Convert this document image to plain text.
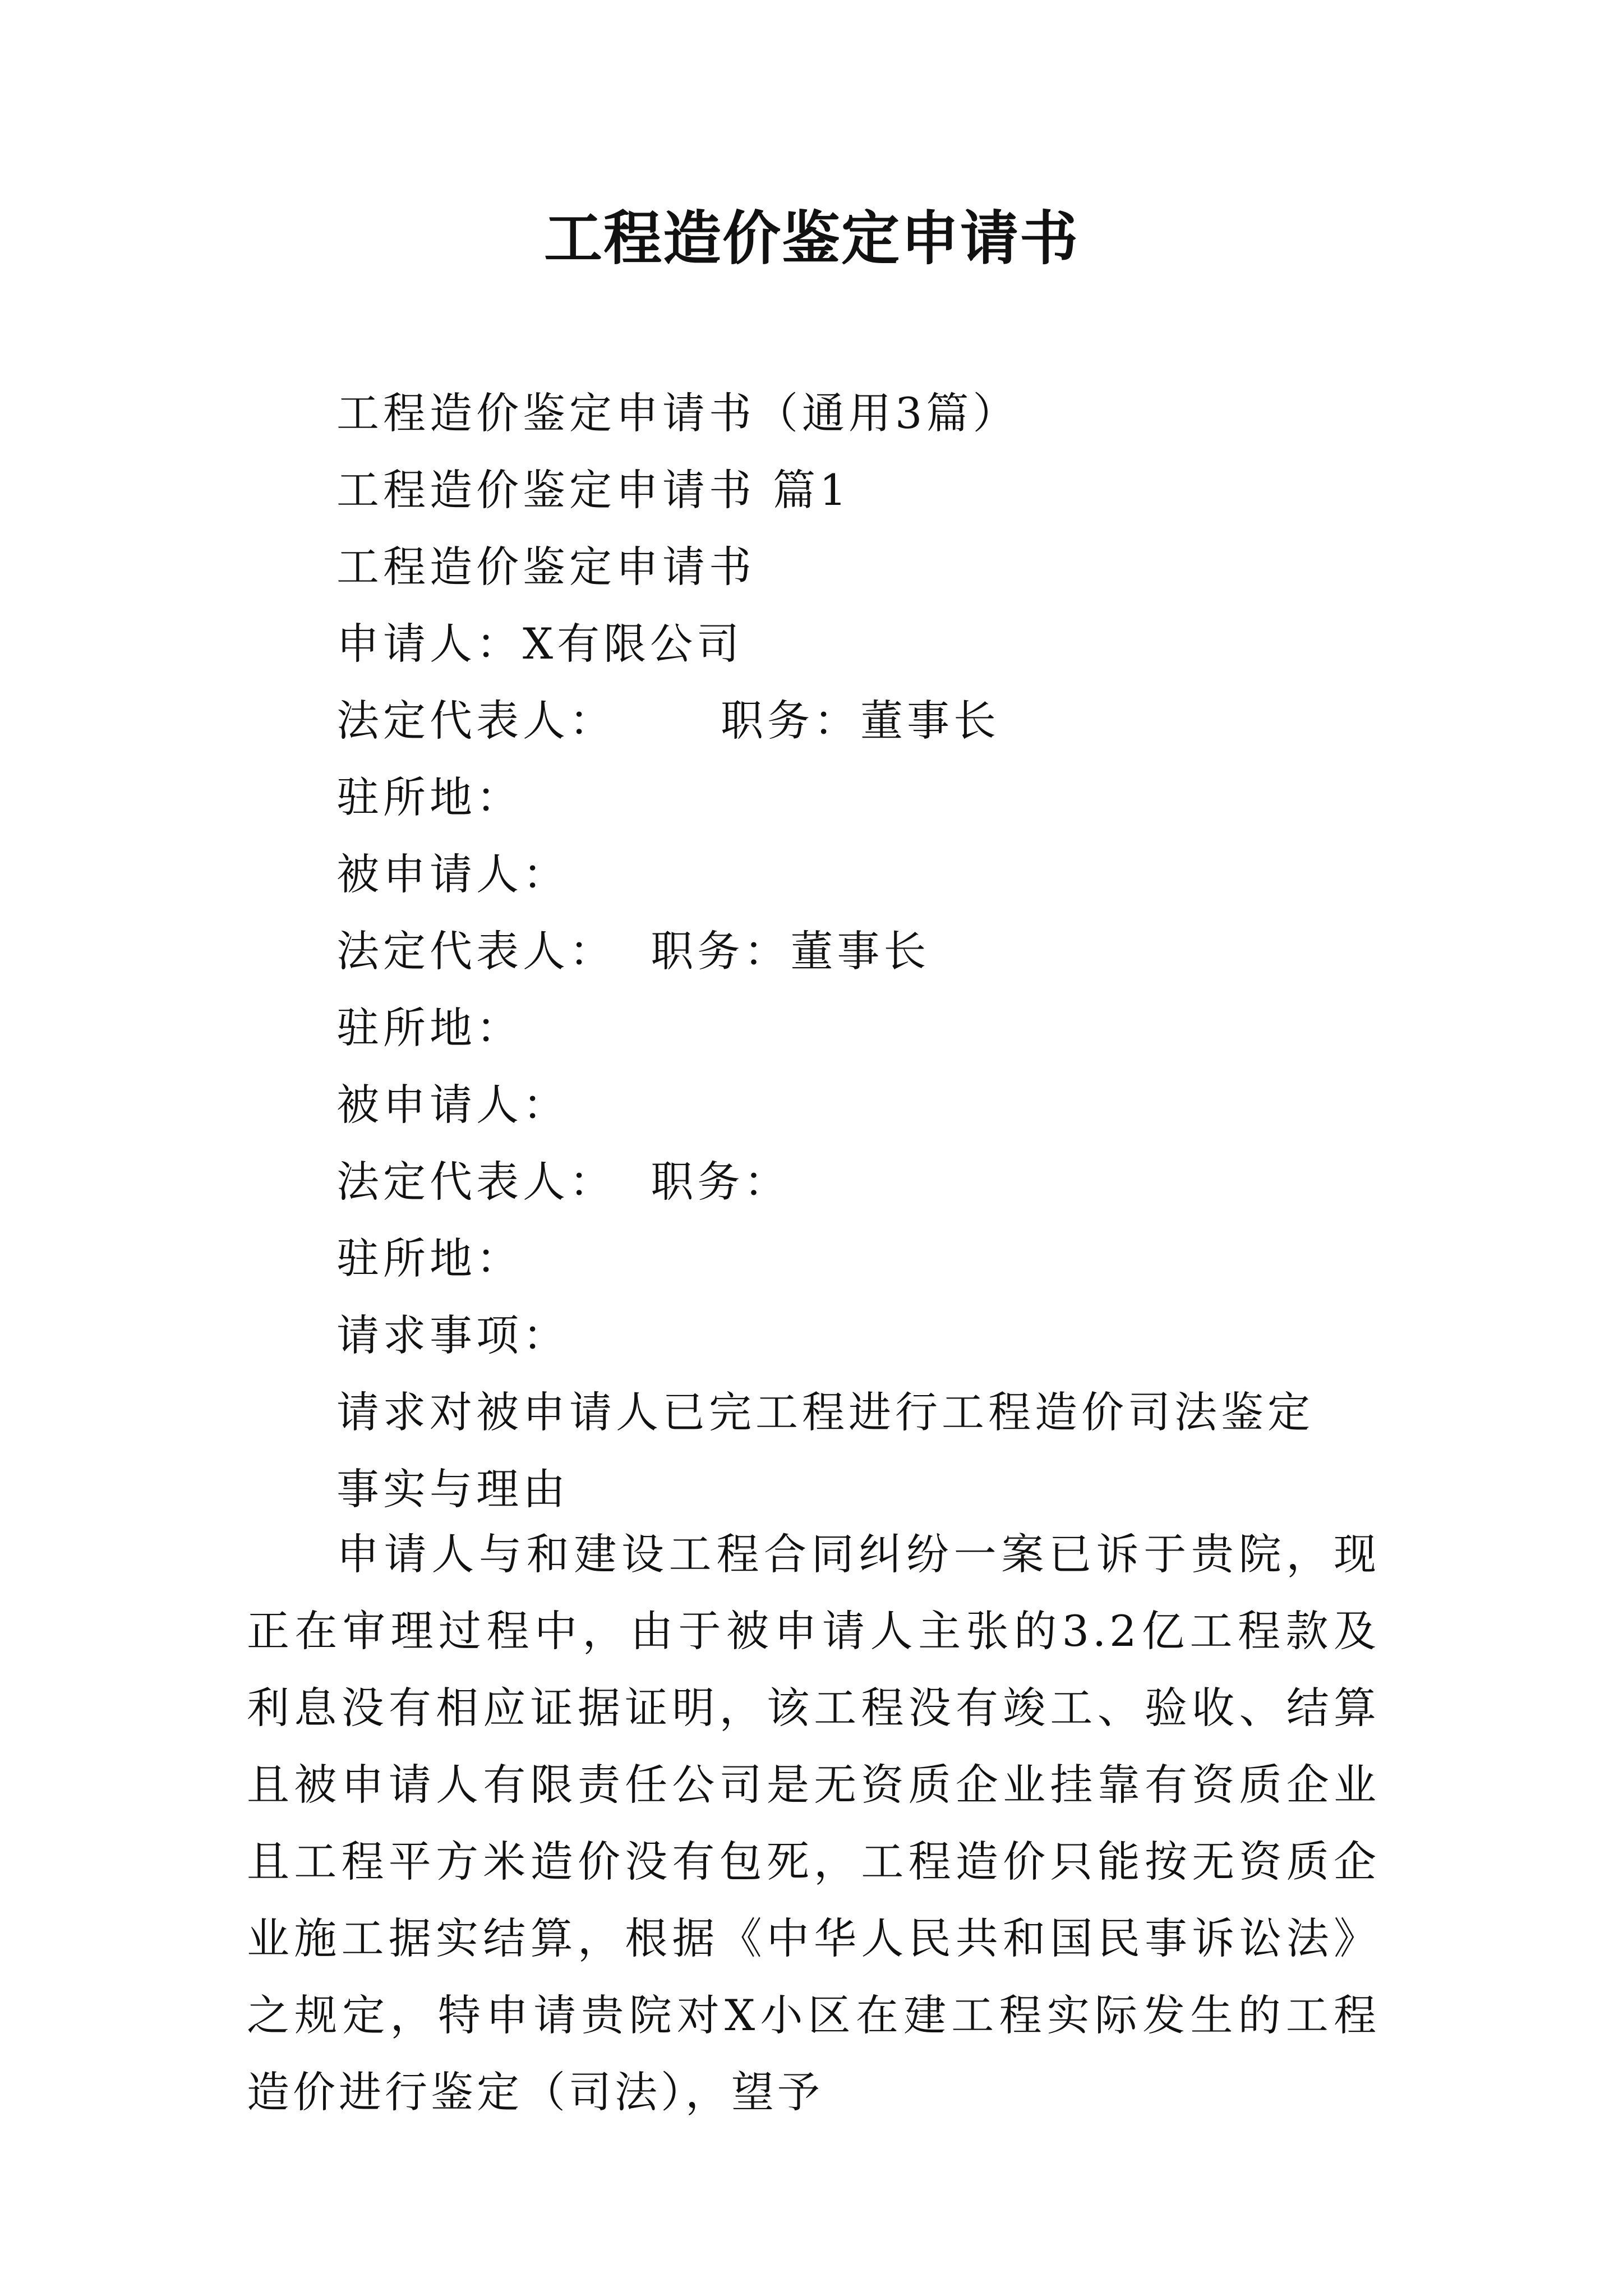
工程造价鉴定申请书
工程造价鉴定申请书（通用3篇）
工程造价鉴定申请书 篇1
工程造价鉴定申请书
申请人：X有限公司
法定代表人：      职务：董事长
驻所地：
被申请人：
法定代表人：  职务：董事长
驻所地：
被申请人：
法定代表人：  职务：
驻所地：
请求事项：
请求对被申请人已完工程进行工程造价司法鉴定
事实与理由

申请人与和建设工程合同纠纷一案已诉于贵院，现正在审理过程中，由于被申请人主张的3.2亿工程款及利息没有相应证据证明，该工程没有竣工、验收、结算且被申请人有限责任公司是无资质企业挂靠有资质企业且工程平方米造价没有包死，工程造价只能按无资质企业施工据实结算，根据《中华人民共和国民事诉讼法》之规定，特申请贵院对X小区在建工程实际发生的工程造价进行鉴定（司法），望予
